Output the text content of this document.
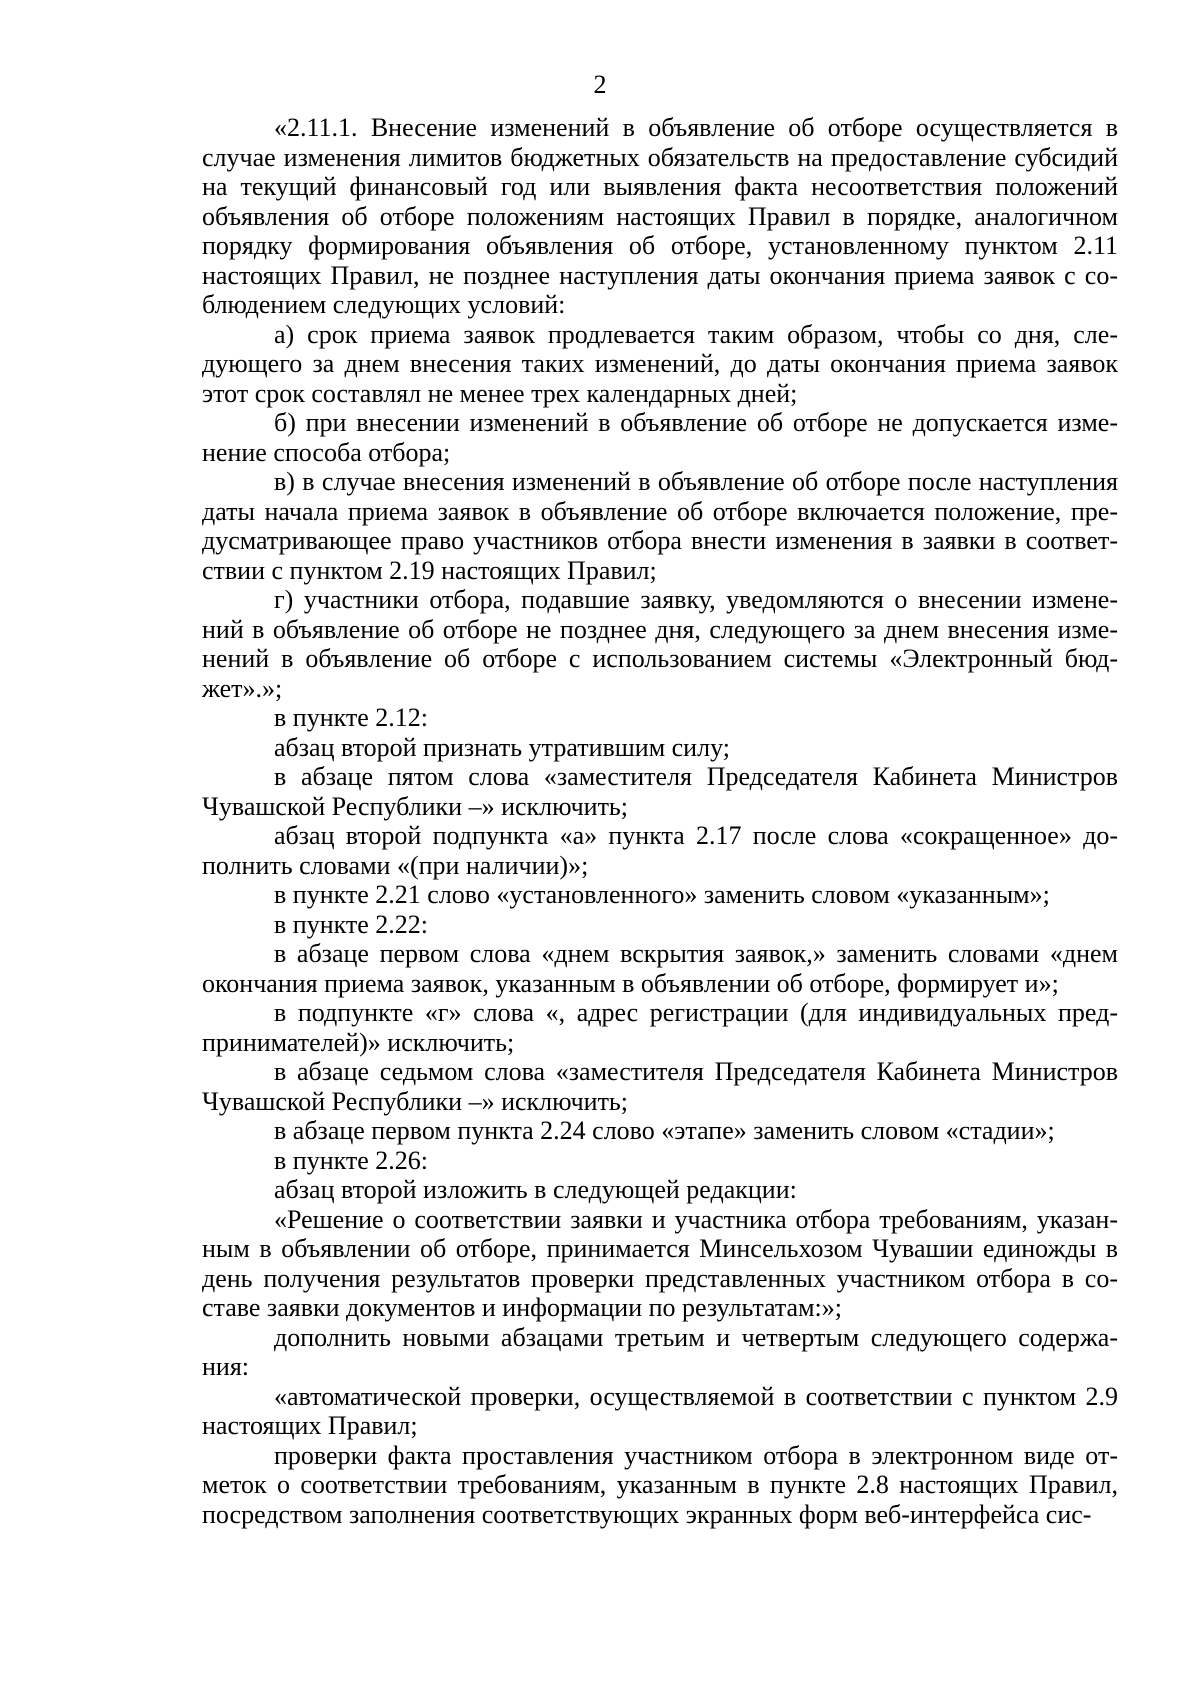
2

«2.11.1. Внесение изменений в объявление об отборе осуществляется в случае изменения лимитов бюджетных обязательств на предоставление субсидий на текущий финансовый год или выявления факта несоответствия положений объявления об отборе положениям настоящих Правил в порядке, аналогичном порядку формирования объявления об отборе, установленному пунктом 2.11 настоящих Правил, не позднее наступления даты окончания приема заявок с соблюдением следующих условий:

а) срок приема заявок продлевается таким образом, чтобы со дня, следующего за днем внесения таких изменений, до даты окончания приема заявок этот срок составлял не менее трех календарных дней;

б) при внесении изменений в объявление об отборе не допускается изменение способа отбора;

в) в случае внесения изменений в объявление об отборе после наступления даты начала приема заявок в объявление об отборе включается положение, предусматривающее право участников отбора внести изменения в заявки в соответствии с пунктом 2.19 настоящих Правил;

г) участники отбора, подавшие заявку, уведомляются о внесении изменений в объявление об отборе не позднее дня, следующего за днем внесения изменений в объявление об отборе с использованием системы «Электронный бюджет».»;

в пункте 2.12:

абзац второй признать утратившим силу;

в абзаце пятом слова «заместителя Председателя Кабинета Министров Чувашской Республики –» исключить;

абзац второй подпункта «а» пункта 2.17 после слова «сокращенное» дополнить словами «(при наличии)»;

в пункте 2.21 слово «установленного» заменить словом «указанным»;

в пункте 2.22:

в абзаце первом слова «днем вскрытия заявок,» заменить словами «днем окончания приема заявок, указанным в объявлении об отборе, формирует и»;

в подпункте «г» слова «, адрес регистрации (для индивидуальных предпринимателей)» исключить;

в абзаце седьмом слова «заместителя Председателя Кабинета Министров Чувашской Республики –» исключить;

в абзаце первом пункта 2.24 слово «этапе» заменить словом «стадии»;

в пункте 2.26:

абзац второй изложить в следующей редакции:

«Решение о соответствии заявки и участника отбора требованиям, указанным в объявлении об отборе, принимается Минсельхозом Чувашии единожды в день получения результатов проверки представленных участником отбора в составе заявки документов и информации по результатам:»;

дополнить новыми абзацами третьим и четвертым следующего содержания:

«автоматической проверки, осуществляемой в соответствии с пунктом 2.9 настоящих Правил;

проверки факта проставления участником отбора в электронном виде отметок о соответствии требованиям, указанным в пункте 2.8 настоящих Правил, посредством заполнения соответствующих экранных форм веб-интерфейса сис-
